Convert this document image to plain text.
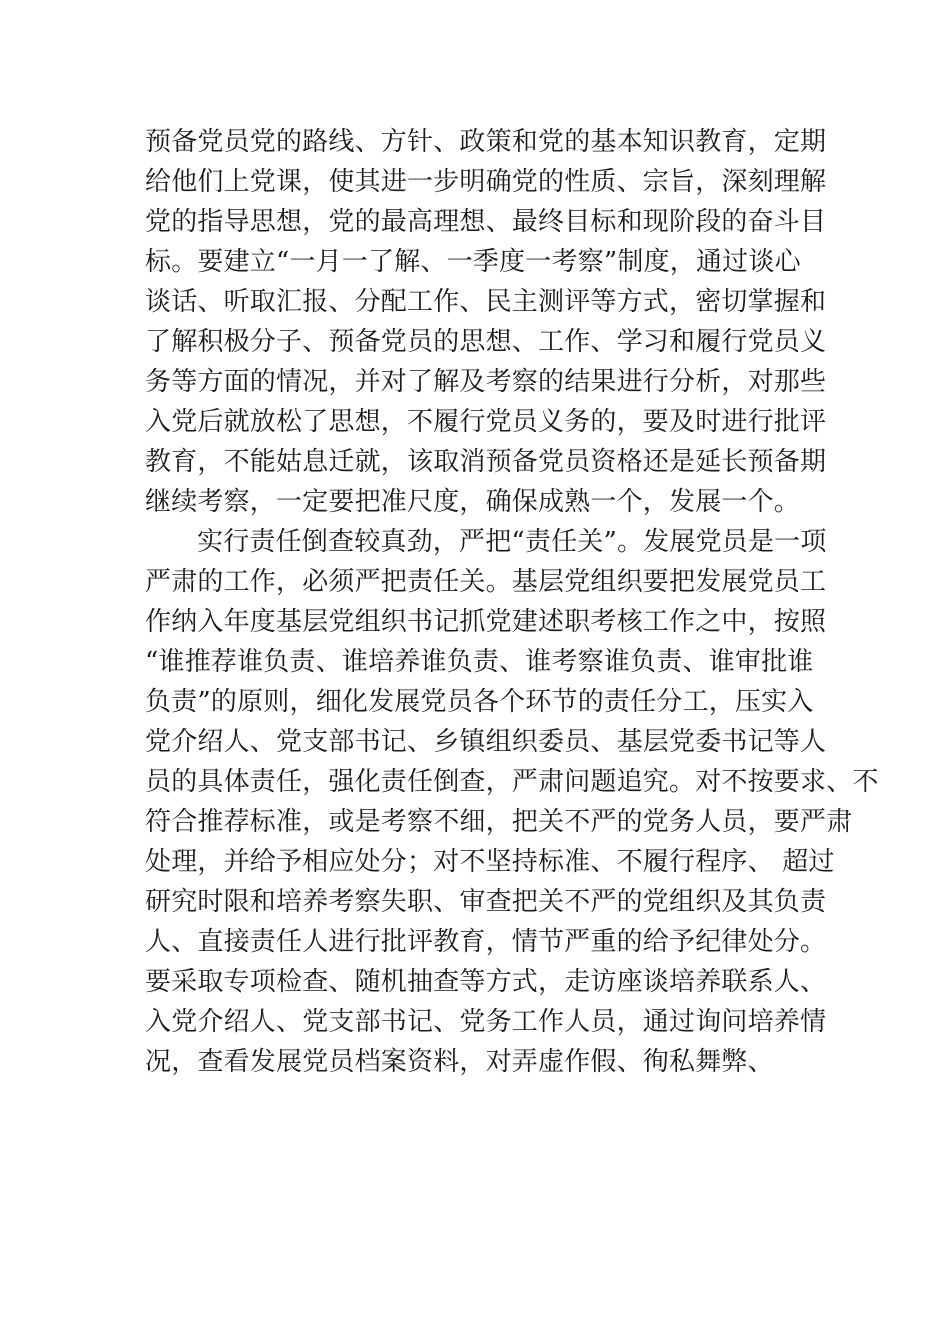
预备党员党的路线、方针、政策和党的基本知识教育，定期
给他们上党课，使其进一步明确党的性质、宗旨，深刻理解
党的指导思想，党的最高理想、最终目标和现阶段的奋斗目
标。要建立“一月一了解、一季度一考察”制度，通过谈心
谈话、听取汇报、分配工作、民主测评等方式，密切掌握和
了解积极分子、预备党员的思想、工作、学习和履行党员义
务等方面的情况，并对了解及考察的结果进行分析，对那些
入党后就放松了思想，不履行党员义务的，要及时进行批评
教育，不能姑息迁就，该取消预备党员资格还是延长预备期
继续考察，一定要把准尺度，确保成熟一个，发展一个。
实行责任倒查较真劲，严把“责任关”。发展党员是一项
严肃的工作，必须严把责任关。基层党组织要把发展党员工
作纳入年度基层党组织书记抓党建述职考核工作之中，按照
“谁推荐谁负责、谁培养谁负责、谁考察谁负责、谁审批谁
负责”的原则，细化发展党员各个环节的责任分工，压实入
党介绍人、党支部书记、乡镇组织委员、基层党委书记等人
员的具体责任，强化责任倒查，严肃问题追究。对不按要求、不
符合推荐标准，或是考察不细，把关不严的党务人员，要严肃
处理，并给予相应处分；对不坚持标准、不履行程序、 超过
研究时限和培养考察失职、审查把关不严的党组织及其负责
人、直接责任人进行批评教育，情节严重的给予纪律处分。
要采取专项检查、随机抽查等方式，走访座谈培养联系人、
入党介绍人、党支部书记、党务工作人员，通过询问培养情
况，查看发展党员档案资料，对弄虚作假、徇私舞弊、
